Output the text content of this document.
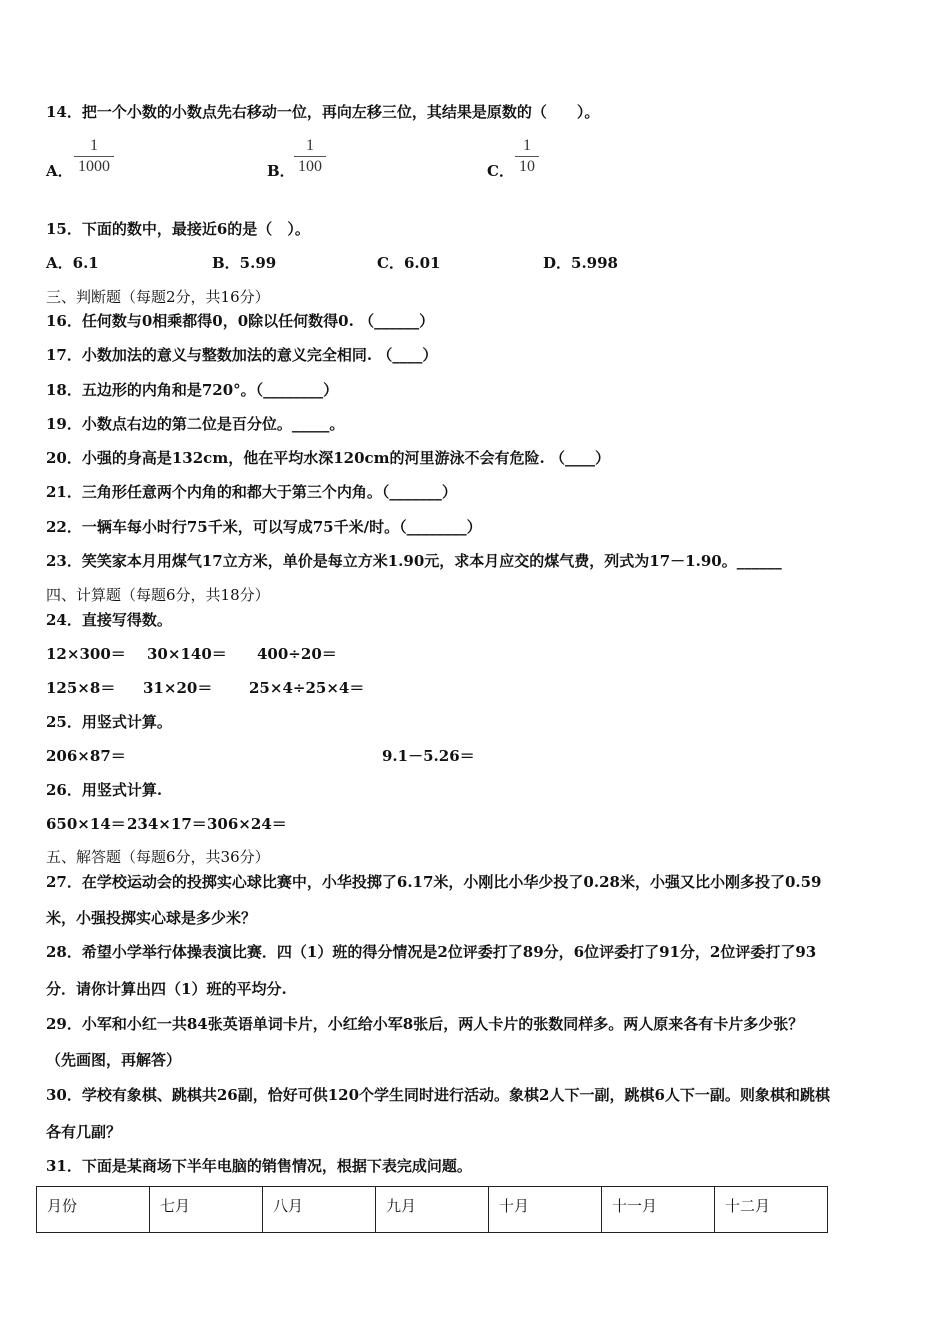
14．把一个小数的小数点先右移动一位，再向左移三位，其结果是原数的（　　）。
A．
1
1000	B．
1
100	C．
1
10
15．下面的数中，最接近6的是（　）。
A．6.1	B．5.99	C．6.01	D．5.998
三、判断题（每题2分，共16分）
16．任何数与0相乘都得0，0除以任何数得0. （______）
17．小数加法的意义与整数加法的意义完全相同. （____）
18．五边形的内角和是720°。（________）
19．小数点右边的第二位是百分位。_____。
20．小强的身高是132cm，他在平均水深120cm的河里游泳不会有危险. （____）
21．三角形任意两个内角的和都大于第三个内角。（_______）
22．一辆车每小时行75千米，可以写成75千米/时。（________）
23．笑笑家本月用煤气17立方米，单价是每立方米1.90元，求本月应交的煤气费，列式为17－1.90。______
四、计算题（每题6分，共18分）
24．直接写得数。
12×300＝ 30×140＝ 400÷20＝
125×8＝ 31×20＝ 25×4÷25×4＝
25．用竖式计算。
206×87＝	9.1－5.26＝
26．用竖式计算.
650×14＝ 234×17＝ 306×24＝
五、解答题（每题6分，共36分）
27．在学校运动会的投掷实心球比赛中，小华投掷了6.17米，小刚比小华少投了0.28米，小强又比小刚多投了0.59
米，小强投掷实心球是多少米？
28．希望小学举行体操表演比赛．四（1）班的得分情况是2位评委打了89分，6位评委打了91分，2位评委打了93
分．请你计算出四（1）班的平均分.
29．小军和小红一共84张英语单词卡片，小红给小军8张后，两人卡片的张数同样多。两人原来各有卡片多少张？
（先画图，再解答）
30．学校有象棋、跳棋共26副，恰好可供120个学生同时进行活动。象棋2人下一副，跳棋6人下一副。则象棋和跳棋
各有几副？
31．下面是某商场下半年电脑的销售情况，根据下表完成问题。
月份	七月	八月	九月	十月	十一月	十二月
